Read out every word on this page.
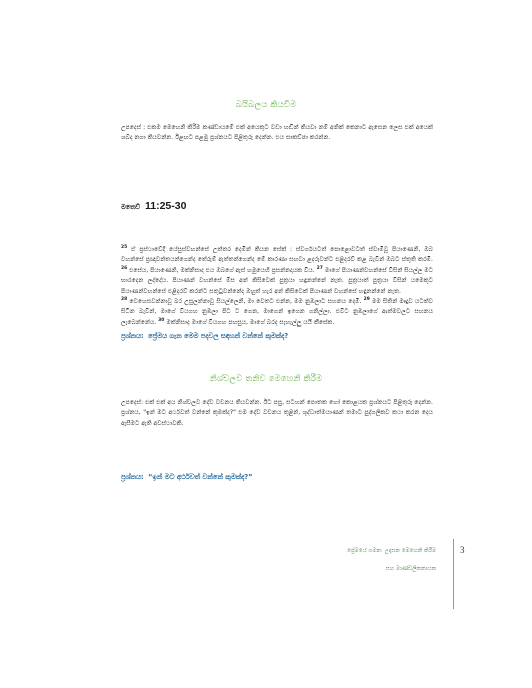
බයිබලය කියවීම

උපදෙස් : එකම මෙහෙනි කිරීම කණ්ඩායමේ එක් අයෙකුට වඩා හඬින් කියවා නම් අනික් කෙනාට ඇසෙන ලෙස එක් අයෙක් ශබ්ද නගා කියවන්න. ඊළඟට පළමු ප්‍රශ්නයට පිළිතුරු දෙන්න. එය සාකච්ඡා කරන්න.

මතෙව් 11:25-30

$^{25}$ ඒ ප්‍රස්ථාවේදී යේසුස්වහන්සේ උත්තර දෙමින් කියන සේක් : ස්වර්ගයටත් පොළොවටත් ස්වාමිවූ පියාණෙනි, ඔබ වහන්සේ ප්‍රඥාවන්තයන්ගෙන්ද තේරුම් ඇත්තන්ගෙන්ද මේ කාරණා සඟවා ළදරුවන්ට එළිදරව් කළ බැවින් ඔබට ස්තුති කරමි. $^{26}$ එසේය, පියාණෙනි, මක්නිසාද එය ඔබගේ ඇස් හමුයෙහි ප්‍රසන්නදායක විය. $^{27}$ මාගේ පියාණන්වහන්සේ විසින් සියල්ල මට භාරදෙන ලද්දේය. පියාණන් වහන්සේ මිස අන් කිසිවෙක් පුත්‍රයා හඳුනන්නේ නැත. පුත්‍රයාත් පුත්‍රයා විසින් යමෙකුට පියාණන්වහන්සේ එළිදරව් කරන්ට සතුටුවන්නේද ඔහුත් හැර අන් කිසිවෙක් පියාණන් වහන්සේ හඳුනන්නේ නැත.

$^{28}$ වෙහෙසවන්නාවූ බර උසුලන්නාවූ සියල්ලෙනි, මා වෙතට එන්න, මම නුඹලාට සහනය දෙමි. $^{29}$ මම සිතින් මෘදුව යටත්ව සිටින බැවින්, මාගේ වියගහ නුඹලා පිට ට ගෙන, මාගෙන් ඉගෙන ගනිල්ලා. එවිට නුඹලාගේ ආත්මවලට සහනය ලැබෙන්නේය. $^{30}$ මක්නිසාද මාගේ වියගහ පහසුය, මාගේ බරද සැහැල්ලු යයි කීසේක.

ප්‍රශ්නය: ප්‍රේමය ගැන මෙම පදවල සඳහන් වන්නේ කුමක්ද?
නිශ්චලව තනිව මෙහෙනි කිරීම

උපදෙස්: එක් එක් අය නිශ්චලව දේව වචනය කියවන්න. ඊට පසු, සටහන් පොතක හෝ කොළයක ප්‍රශ්නයට පිළිතුරු දෙන්න. ප්‍රශ්නය, "ඉන් මට අර්ථවත් වන්නේ කුමක්ද?" එම දේව වචනය තුළින්, ශුද්ධාත්මයාණන් තමාට පුද්ගලිකව කථා කරන දෙය ඇසීමට ඇති අවස්ථාවකි.

ප්‍රශ්නය: “ඉන් මට අර්ථවත් වන්නේ කුමක්ද?”
ප්‍රේමයේ ගමන: උදෑසන මෙහෙනි කිරීම
සහ මාණ්ඩලිකනායක
3
